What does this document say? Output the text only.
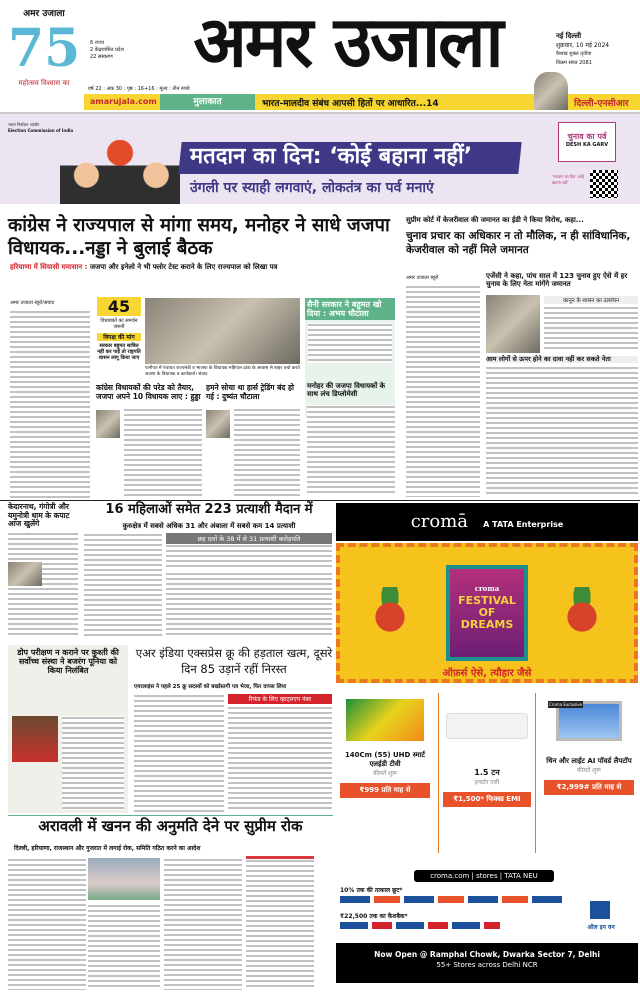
अमर उजाला
75
महोत्सव विश्वास का
6 राज्य
2 केंद्रशासित प्रदेश
22 संस्करण	अमर उजाला
वर्ष 22 : अंक 30 : पृष्ठ : 16+16 : मूल्य : तीन रुपये
नई दिल्ली
शुक्रवार, 10 मई 2024
वैशाख शुक्ल तृतीया
विक्रम संवत 2081
amarujala.com	मुलाकात	भारत-मालदीव संबंध आपसी हितों पर आधारित...14	दिल्ली-एनसीआर
भारत निर्वाचन आयोग
Election Commission of India
मतदान का दिन: ‘कोई बहाना नहीं’
उंगली पर स्याही लगवाएं, लोकतंत्र का पर्व मनाएं
चुनाव का पर्व
DESH KA GARV
‘मतदान का दिन: कोई बहाना नहीं’
कांग्रेस ने राज्यपाल से मांगा समय, मनोहर ने साधे जजपा विधायक...नड्डा ने बुलाई बैठक
हरियाणा में सियासी घमासान : जजपा और इनेलो ने भी फ्लोर टेस्ट कराने के लिए राज्यपाल को लिखा पत्र
अमर उजाला ब्यूरो/संवाद	45
विधायकों का समर्थन जरूरी
विपक्ष की मांग
सरकार बहुमत साबित नहीं कर पाई तो राष्ट्रपति शासन लागू किया जाए
पानीपत में पंचायत राज्यमंत्री व भाजपा के विधायक महिपाल ढांडा के आवास से बाहर चर्चा करते जजपा के विधायक व कार्यकर्ता। संवाद
सैनी सरकार ने बहुमत खो दिया : अभय चौटाला
मनोहर की जजपा विधायकों के साथ लंच डिप्लोमेसी
कांग्रेस विधायकों की परेड को तैयार, जजपा अपने 10 विधायक लाए : हुड्डा
हमने सोचा था हार्स ट्रेडिंग बंद हो गई : दुष्यंत चौटाला
सुप्रीम कोर्ट में केजरीवाल की जमानत का ईडी ने किया विरोध, कहा...
चुनाव प्रचार का अधिकार न तो मौलिक, न ही सांविधानिक, केजरीवाल को नहीं मिले जमानत
अमर उजाला ब्यूरो	एजेंसी ने कहा, पांच साल में 123 चुनाव हुए ऐसे में हर चुनाव के लिए नेता मांगेंगे जमानत
कानून के शासन का उल्लंघन
आम लोगों से ऊपर होने का दावा नहीं कर सकते नेता
केदारनाथ, गंगोत्री और यमुनोत्री धाम के कपाट आज खुलेंगे
16 महिलाओं समेत 223 प्रत्याशी मैदान में
कुरुक्षेत्र में सबसे अधिक 31 और अंबाला में सबसे कम 14 प्रत्याशी
छह दलों के 38 में से 31 प्रत्याशी करोड़पति
डोप परीक्षण न कराने पर कुश्ती की सर्वोच्च संस्था ने बजरंग पूनिया को किया निलंबित
एअर इंडिया एक्सप्रेस क्रू की हड़ताल खत्म, दूसरे दिन 85 उड़ानें रहीं निरस्त
एयरलाइंस ने पहले 25 क्रू सदस्यों को बर्खास्तगी पत्र भेजा, फिर वापस लिया
रिफंड के लिए व्हाट्सएप नंबर
अरावली में खनन की अनुमति देने पर सुप्रीम रोक
दिल्ली, हरियाणा, राजस्थान और गुजरात में लगाई रोक, समिति गठित करने का आदेश
cromā A TATA Enterprise
croma
FESTIVAL
OF
DREAMS
ऑफ़र्स ऐसे, त्यौहार जैसे
140Cm (55) UHD स्मार्ट एलईडी टीवी
कीमतें शुरू
₹999 प्रति माह से
1.5 टन
इन्वर्टर एसी
₹1,500* फिक्स्ड EMI
Croma Exclusive
थिन और लाईट AI पॉवर्ड लैपटॉप
कीमतें शुरू
₹2,999# प्रति माह से
croma.com | stores | TATA NEU
10% तक की तत्काल छूट*
₹22,500 तक का कैशबैक*
ऑल इन वन
Now Open @ Ramphal Chowk, Dwarka Sector 7, Delhi
55+ Stores across Delhi NCR
